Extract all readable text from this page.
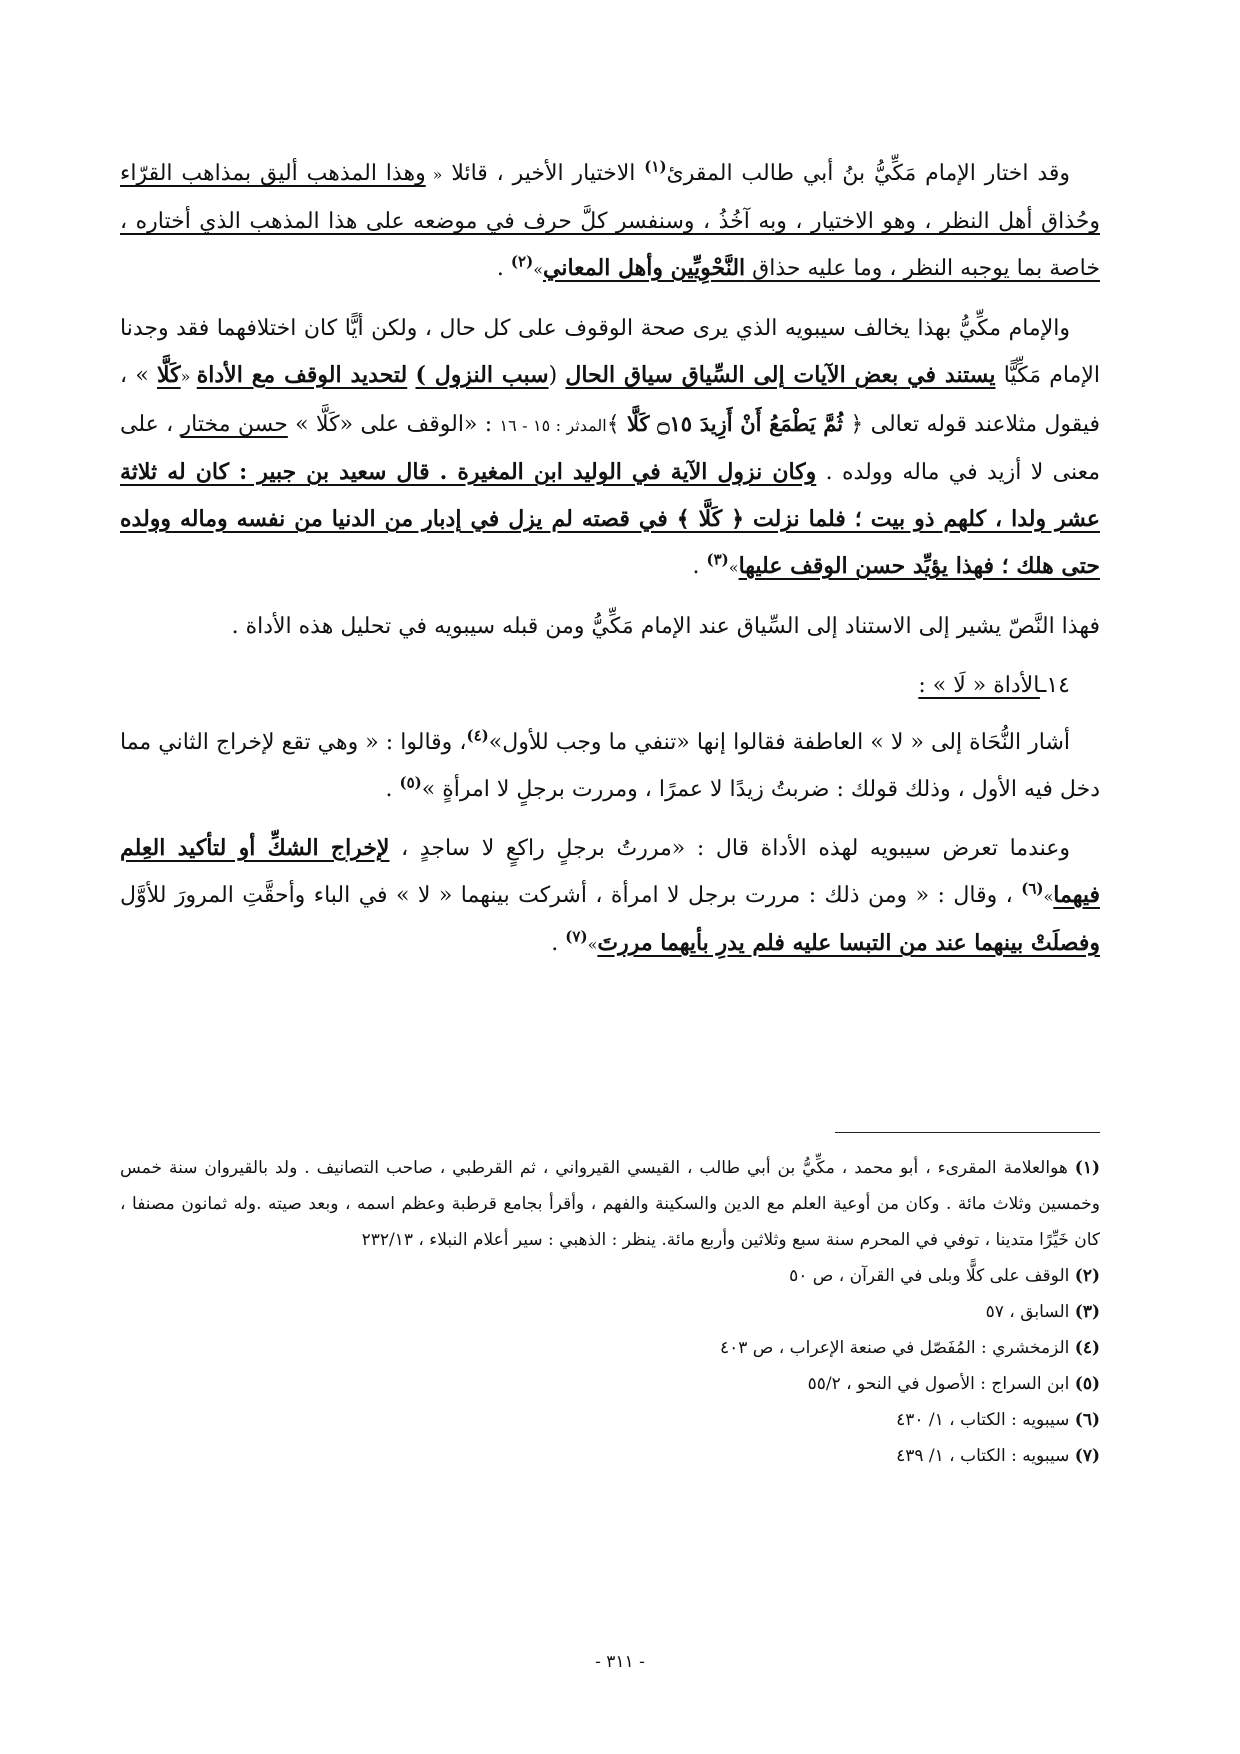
وقد اختار الإمام مَكِّيُّ بنُ أبي طالب المقرئ$^{(١)}$ الاختيار الأخير ، قائلا « وهذا المذهب أليق بمذاهب القرّاء وحُذاق أهل النظر ، وهو الاختيار ، وبه آخُذُ ، وسنفسر كلَّ حرف في موضعه على هذا المذهب الذي أختاره ، خاصة بما يوجبه النظر ، وما عليه حذاق النَّحْوِيِّين وأهل المعاني»$^{(٢)}$ .

والإمام مكِّيُّ بهذا يخالف سيبويه الذي يرى صحة الوقوف على كل حال ، ولكن أيًّا كان اختلافهما فقد وجدنا الإمام مَكِّيًّا يستند في بعض الآيات إلى السِّياق سياق الحال (سبب النزول ) لتحديد الوقف مع الأداة «كَلَّا » ، فيقول مثلاعند قوله تعالى ﴿ ثُمَّ يَطْمَعُ أَنْ أَزِيدَ ۝١٥ كَلَّا ﴾المدثر : ١٥ - ١٦ : «الوقف على «كَلَّا » حسن مختار ، على معنى لا أزيد في ماله وولده . وكان نزول الآية في الوليد ابن المغيرة . قال سعيد بن جبير : كان له ثلاثة عشر ولدا ، كلهم ذو بيت ؛ فلما نزلت ﴿ كَلَّا ﴾ في قصته لم يزل في إدبار من الدنيا من نفسه وماله وولده حتى هلك ؛ فهذا يؤيِّد حسن الوقف عليها»$^{(٣)}$ .

فهذا النَّصّ يشير إلى الاستناد إلى السِّياق عند الإمام مَكِّيُّ ومن قبله سيبويه في تحليل هذه الأداة .

١٤ـالأداة « لَا » :

أشار النُّحَاة إلى « لا » العاطفة فقالوا إنها «تنفي ما وجب للأول»$^{(٤)}$، وقالوا : « وهي تقع لإخراج الثاني مما دخل فيه الأول ، وذلك قولك : ضربتُ زيدًا لا عمرًا ، ومررت برجلٍ لا امرأةٍ »$^{(٥)}$ .

وعندما تعرض سيبويه لهذه الأداة قال : «مررتُ برجلٍ راكعٍ لا ساجدٍ ، لإخراج الشكِّ أو لتأكيد العِلم فيهما»$^{(٦)}$ ، وقال : « ومن ذلك : مررت برجل لا امرأة ، أشركت بينهما « لا » في الباء وأحقَّتِ المرورَ للأوَّل وفصلَتْ بينهما عند من التبسا عليه فلم يدرِ بأيهما مررتَ»$^{(٧)}$ .

(١) هوالعلامة المقرىء ، أبو محمد ، مكِّيُّ بن أبي طالب ، القيسي القيرواني ، ثم القرطبي ، صاحب التصانيف . ولد بالقيروان سنة خمس وخمسين وثلاث مائة . وكان من أوعية العلم مع الدين والسكينة والفهم ، وأقرأ بجامع قرطبة وعظم اسمه ، وبعد صيته .وله ثمانون مصنفا ، كان خَيِّرًا متدينا ، توفي في المحرم سنة سبع وثلاثين وأربع مائة. ينظر : الذهبي : سير أعلام النبلاء ، ٢٣٢/١٣

(٢) الوقف على كلًّا وبلى في القرآن ، ص ٥٠

(٣) السابق ، ٥٧

(٤) الزمخشري : المُفَصّل في صنعة الإعراب ، ص ٤٠٣

(٥) ابن السراج : الأصول في النحو ، ٥٥/٢

(٦) سيبويه : الكتاب ، ١/ ٤٣٠

(٧) سيبويه : الكتاب ، ١/ ٤٣٩

- ٣١١ -
